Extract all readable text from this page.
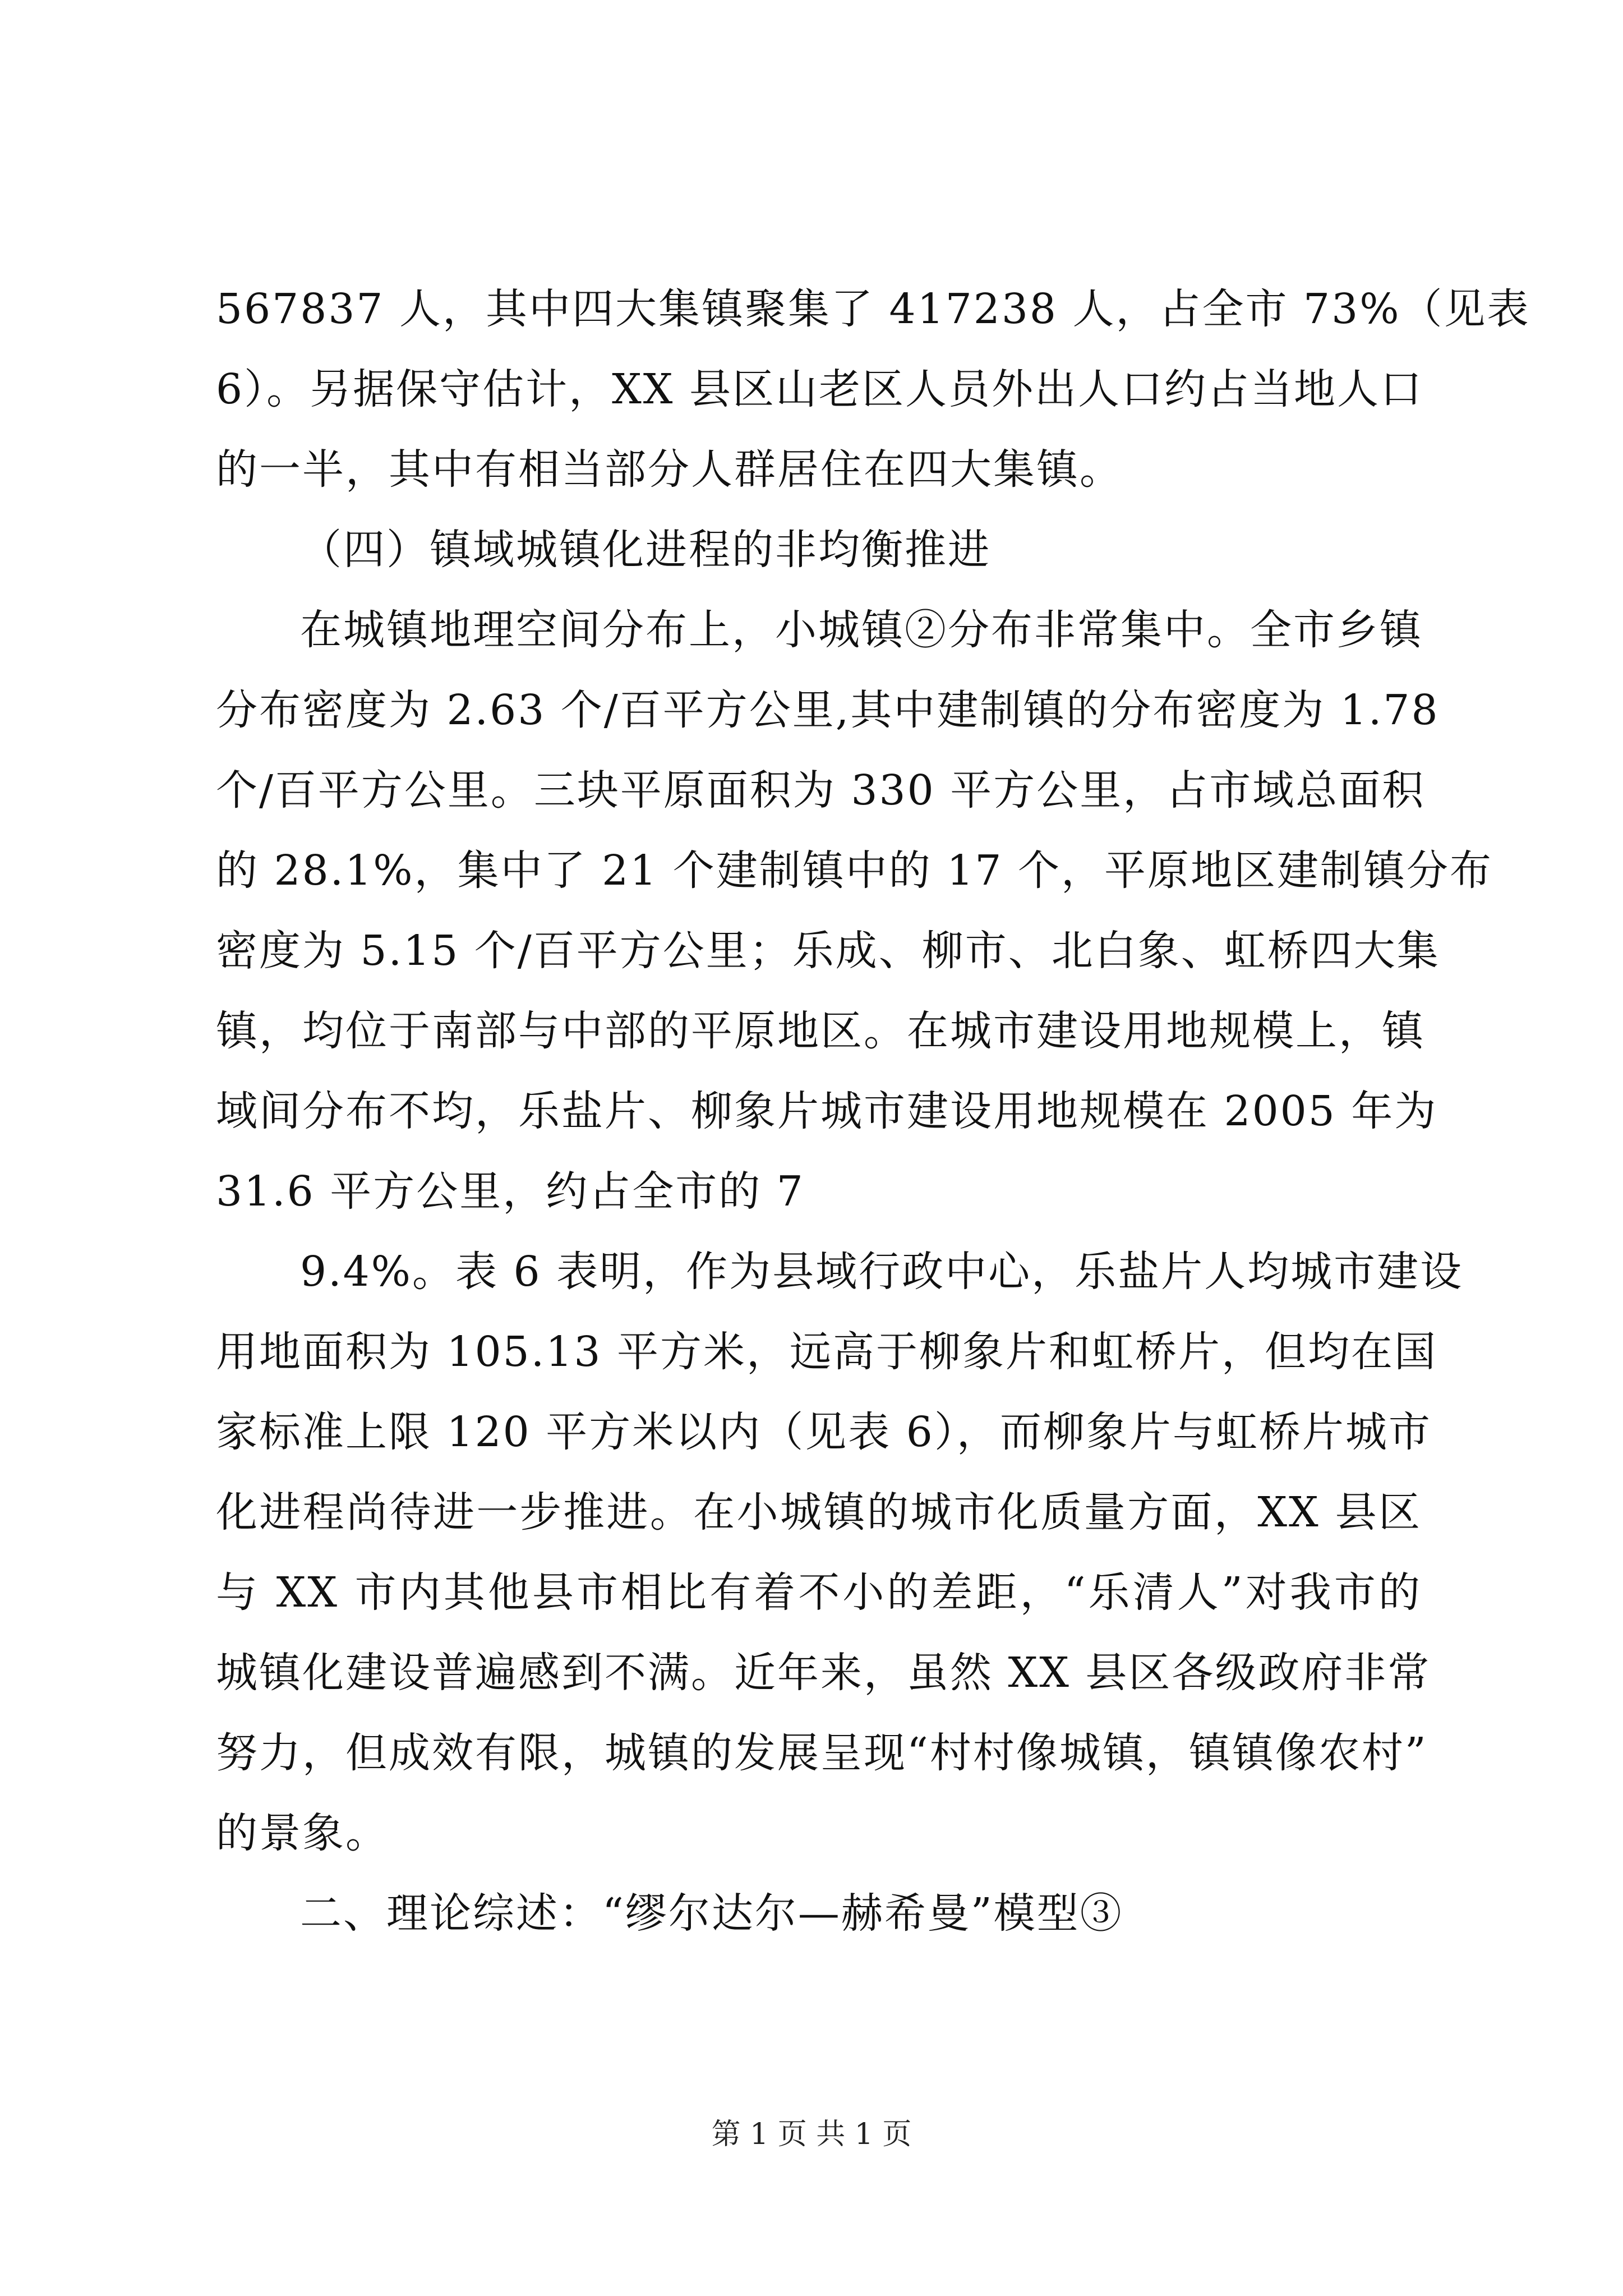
567837 人，其中四大集镇聚集了 417238 人，占全市 73%（见表
6）。另据保守估计，XX 县区山老区人员外出人口约占当地人口
的一半，其中有相当部分人群居住在四大集镇。
（四）镇域城镇化进程的非均衡推进
在城镇地理空间分布上，小城镇②分布非常集中。全市乡镇
分布密度为 2.63 个/百平方公里,其中建制镇的分布密度为 1.78
个/百平方公里。三块平原面积为 330 平方公里，占市域总面积
的 28.1%，集中了 21 个建制镇中的 17 个，平原地区建制镇分布
密度为 5.15 个/百平方公里；乐成、柳市、北白象、虹桥四大集
镇，均位于南部与中部的平原地区。在城市建设用地规模上，镇
域间分布不均，乐盐片、柳象片城市建设用地规模在 2005 年为
31.6 平方公里，约占全市的 7
9.4%。表 6 表明，作为县域行政中心，乐盐片人均城市建设
用地面积为 105.13 平方米，远高于柳象片和虹桥片，但均在国
家标准上限 120 平方米以内（见表 6），而柳象片与虹桥片城市
化进程尚待进一步推进。在小城镇的城市化质量方面，XX 县区
与 XX 市内其他县市相比有着不小的差距，“乐清人”对我市的
城镇化建设普遍感到不满。近年来，虽然 XX 县区各级政府非常
努力，但成效有限，城镇的发展呈现“村村像城镇，镇镇像农村”
的景象。
二、理论综述：“缪尔达尔—赫希曼”模型③
第 1 页 共 1 页
